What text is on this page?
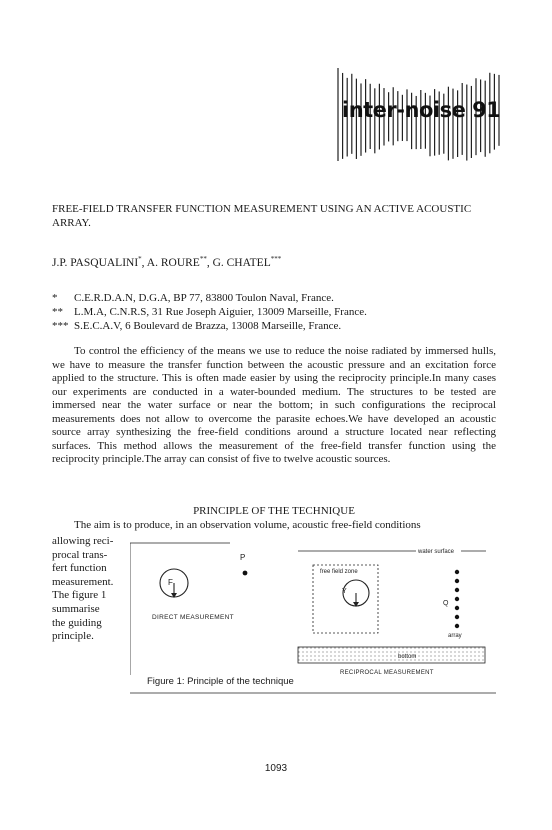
inter-noise 91
FREE-FIELD TRANSFER FUNCTION MEASUREMENT USING AN ACTIVE ACOUSTIC ARRAY.
J.P. PASQUALINI*, A. ROURE**, G. CHATEL***
* C.E.R.D.A.N, D.G.A, BP 77, 83800 Toulon Naval, France.
** L.M.A, C.N.R.S, 31 Rue Joseph Aiguier, 13009 Marseille, France.
*** S.E.C.A.V, 6 Boulevard de Brazza, 13008 Marseille, France.
To control the efficiency of the means we use to reduce the noise radiated by immersed hulls, we have to measure the transfer function between the acoustic pressure and an excitation force applied to the structure. This is often made easier by using the reciprocity principle.In many cases our experiments are conducted in a water-bounded medium. The structures to be tested are immersed near the water surface or near the bottom; in such configurations the reciprocal measurements does not allow to overcome the parasite echoes.We have developed an acoustic source array synthesizing the free-field conditions around a structure located near reflecting surfaces. This method allows the measurement of the free-field transfer function using the reciprocity principle.The array can consist of five to twelve acoustic sources.
PRINCIPLE OF THE TECHNIQUE
The aim is to produce, in an observation volume, acoustic free-field conditions
allowing reci-
procal trans-
fert function
measurement.
The figure 1
summarise
the guiding
principle.
P
F
DIRECT MEASUREMENT
water surface
free field zone
Y
Q
array
bottom
RECIPROCAL MEASUREMENT
Figure 1: Principle of the technique
1093
